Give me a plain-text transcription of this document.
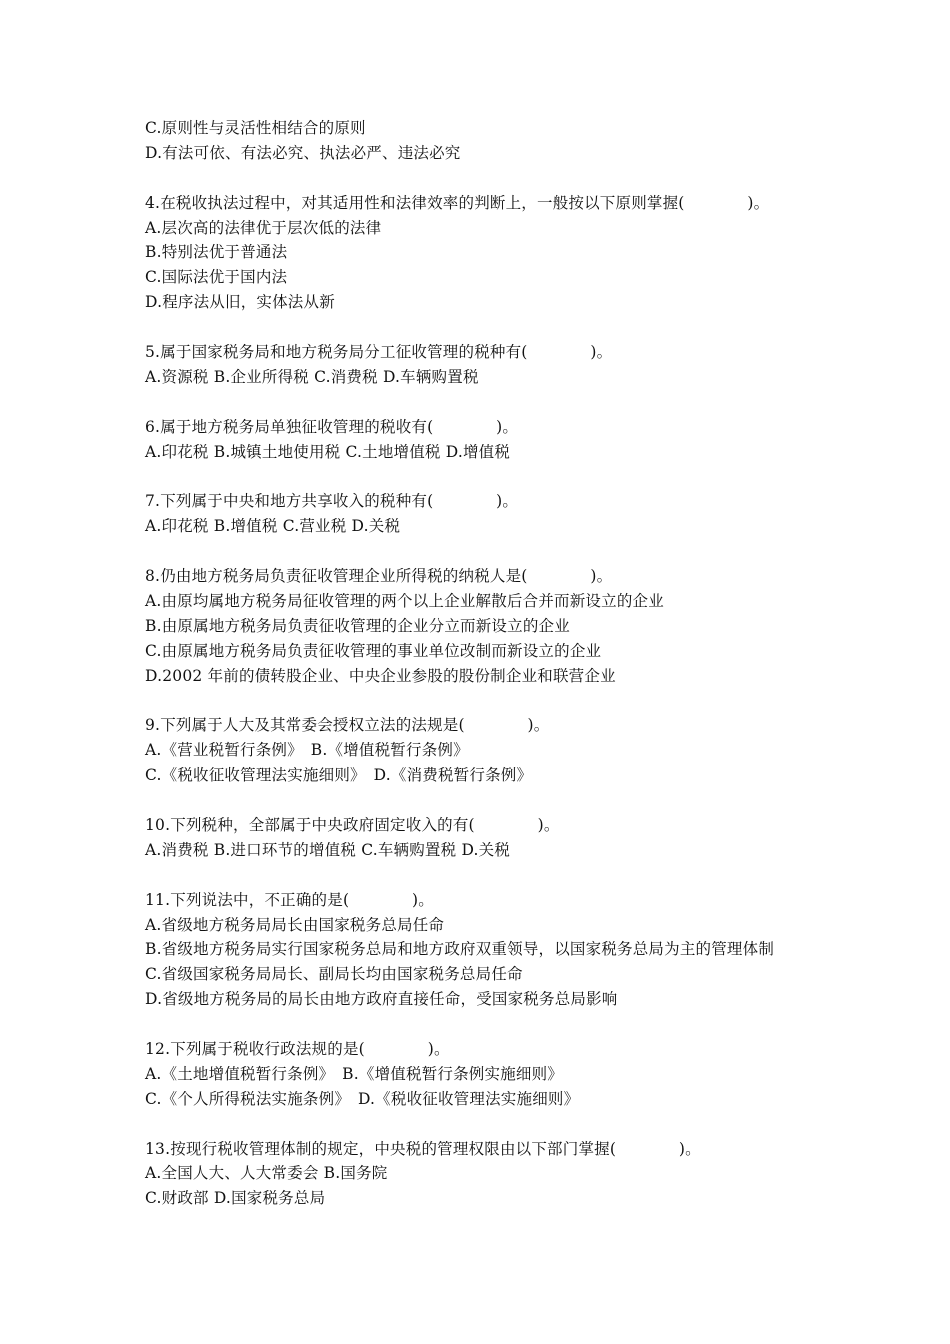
C.原则性与灵活性相结合的原则
D.有法可依、有法必究、执法必严、违法必究
4.在税收执法过程中，对其适用性和法律效率的判断上，一般按以下原则掌握(　　　　)。
A.层次高的法律优于层次低的法律
B.特别法优于普通法
C.国际法优于国内法
D.程序法从旧，实体法从新
5.属于国家税务局和地方税务局分工征收管理的税种有(　　　　)。
A.资源税 B.企业所得税 C.消费税 D.车辆购置税
6.属于地方税务局单独征收管理的税收有(　　　　)。
A.印花税 B.城镇土地使用税 C.土地增值税 D.增值税
7.下列属于中央和地方共享收入的税种有(　　　　)。
A.印花税 B.增值税 C.营业税 D.关税
8.仍由地方税务局负责征收管理企业所得税的纳税人是(　　　　)。
A.由原均属地方税务局征收管理的两个以上企业解散后合并而新设立的企业
B.由原属地方税务局负责征收管理的企业分立而新设立的企业
C.由原属地方税务局负责征收管理的事业单位改制而新设立的企业
D.2002 年前的债转股企业、中央企业参股的股份制企业和联营企业
9.下列属于人大及其常委会授权立法的法规是(　　　　)。
A.《营业税暂行条例》　B.《增值税暂行条例》
C.《税收征收管理法实施细则》　D.《消费税暂行条例》
10.下列税种，全部属于中央政府固定收入的有(　　　　)。
A.消费税 B.进口环节的增值税 C.车辆购置税 D.关税
11.下列说法中，不正确的是(　　　　)。
A.省级地方税务局局长由国家税务总局任命
B.省级地方税务局实行国家税务总局和地方政府双重领导，以国家税务总局为主的管理体制
C.省级国家税务局局长、副局长均由国家税务总局任命
D.省级地方税务局的局长由地方政府直接任命，受国家税务总局影响
12.下列属于税收行政法规的是(　　　　)。
A.《土地增值税暂行条例》　B.《增值税暂行条例实施细则》
C.《个人所得税法实施条例》　D.《税收征收管理法实施细则》
13.按现行税收管理体制的规定，中央税的管理权限由以下部门掌握(　　　　)。
A.全国人大、人大常委会 B.国务院
C.财政部 D.国家税务总局
